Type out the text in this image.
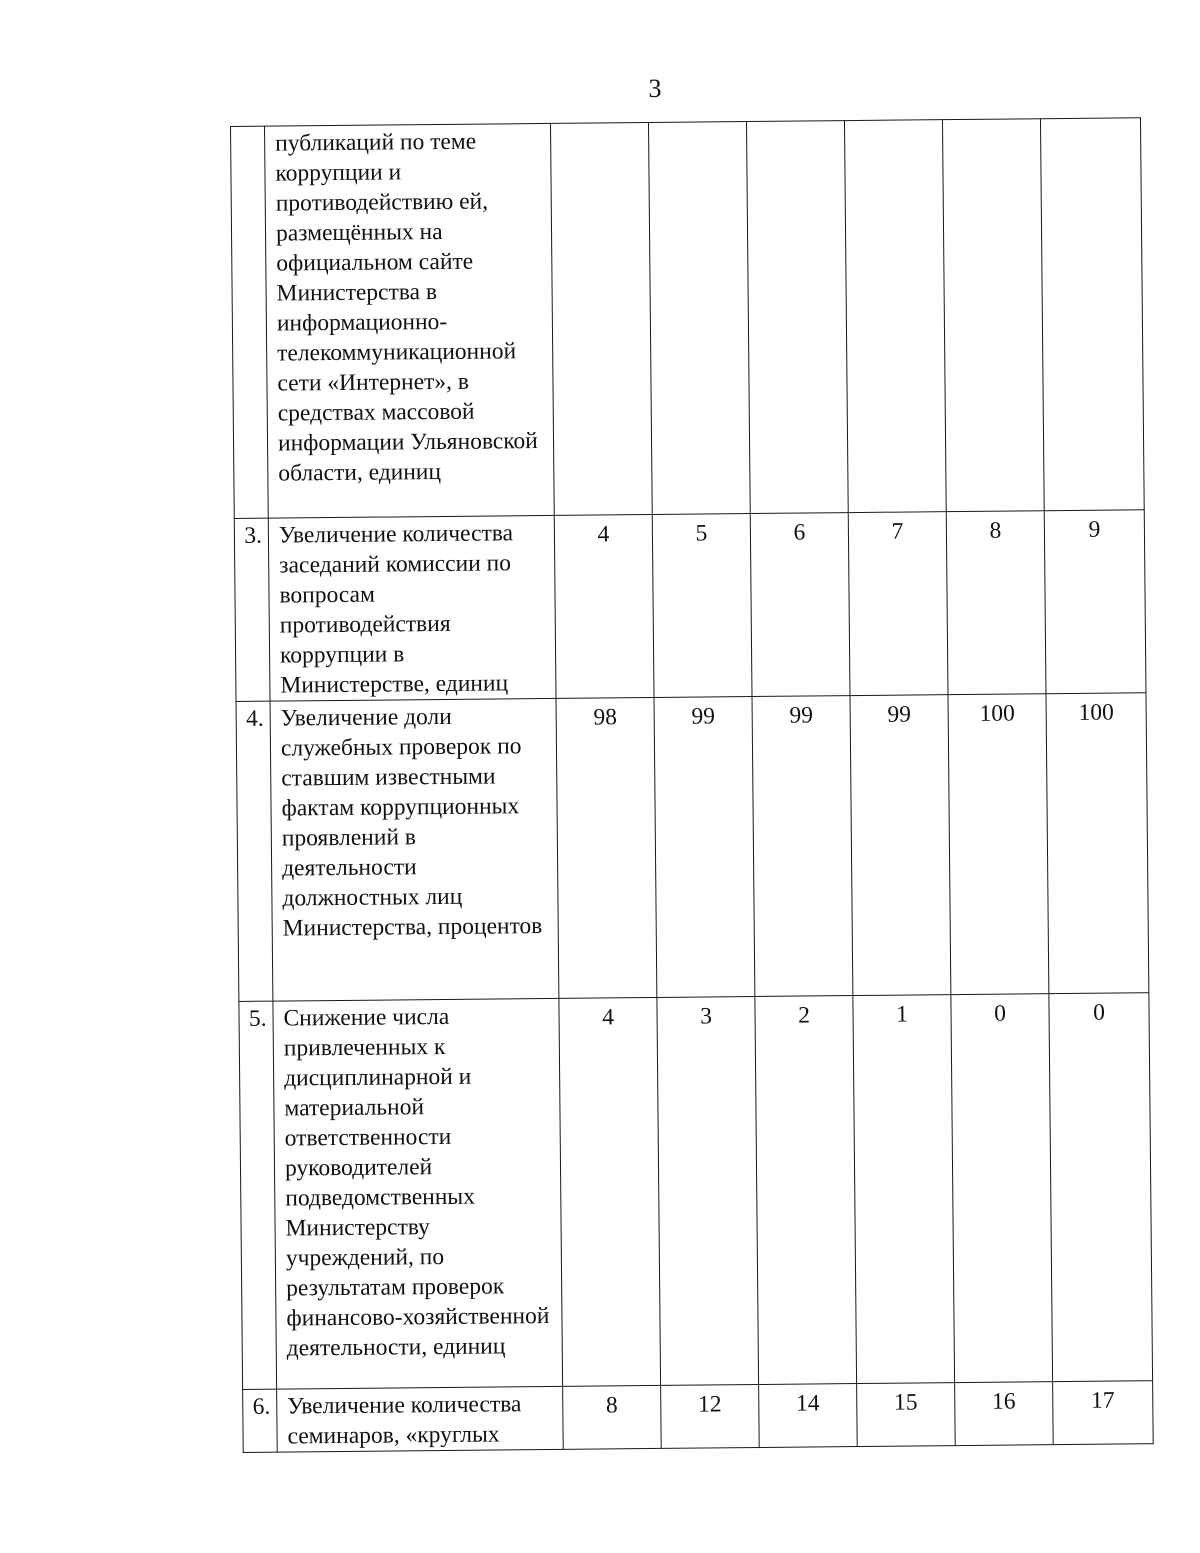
3
	публикаций по теме коррупции и противодействию ей, размещённых на официальном сайте Министерства в информационно-телекоммуникационной сети «Интернет», в средствах массовой информации Ульяновской области, единиц						
3.	Увеличение количества заседаний комиссии по вопросам противодействия коррупции в Министерстве, единиц	4	5	6	7	8	9
4.	Увеличение доли служебных проверок по ставшим известными фактам коррупционных проявлений в деятельности должностных лиц Министерства, процентов	98	99	99	99	100	100
5.	Снижение числа привлеченных к дисциплинарной и материальной ответственности руководителей подведомственных Министерству учреждений, по результатам проверок финансово-хозяйственной деятельности, единиц	4	3	2	1	0	0
6.	Увеличение количества семинаров, «круглых	8	12	14	15	16	17
